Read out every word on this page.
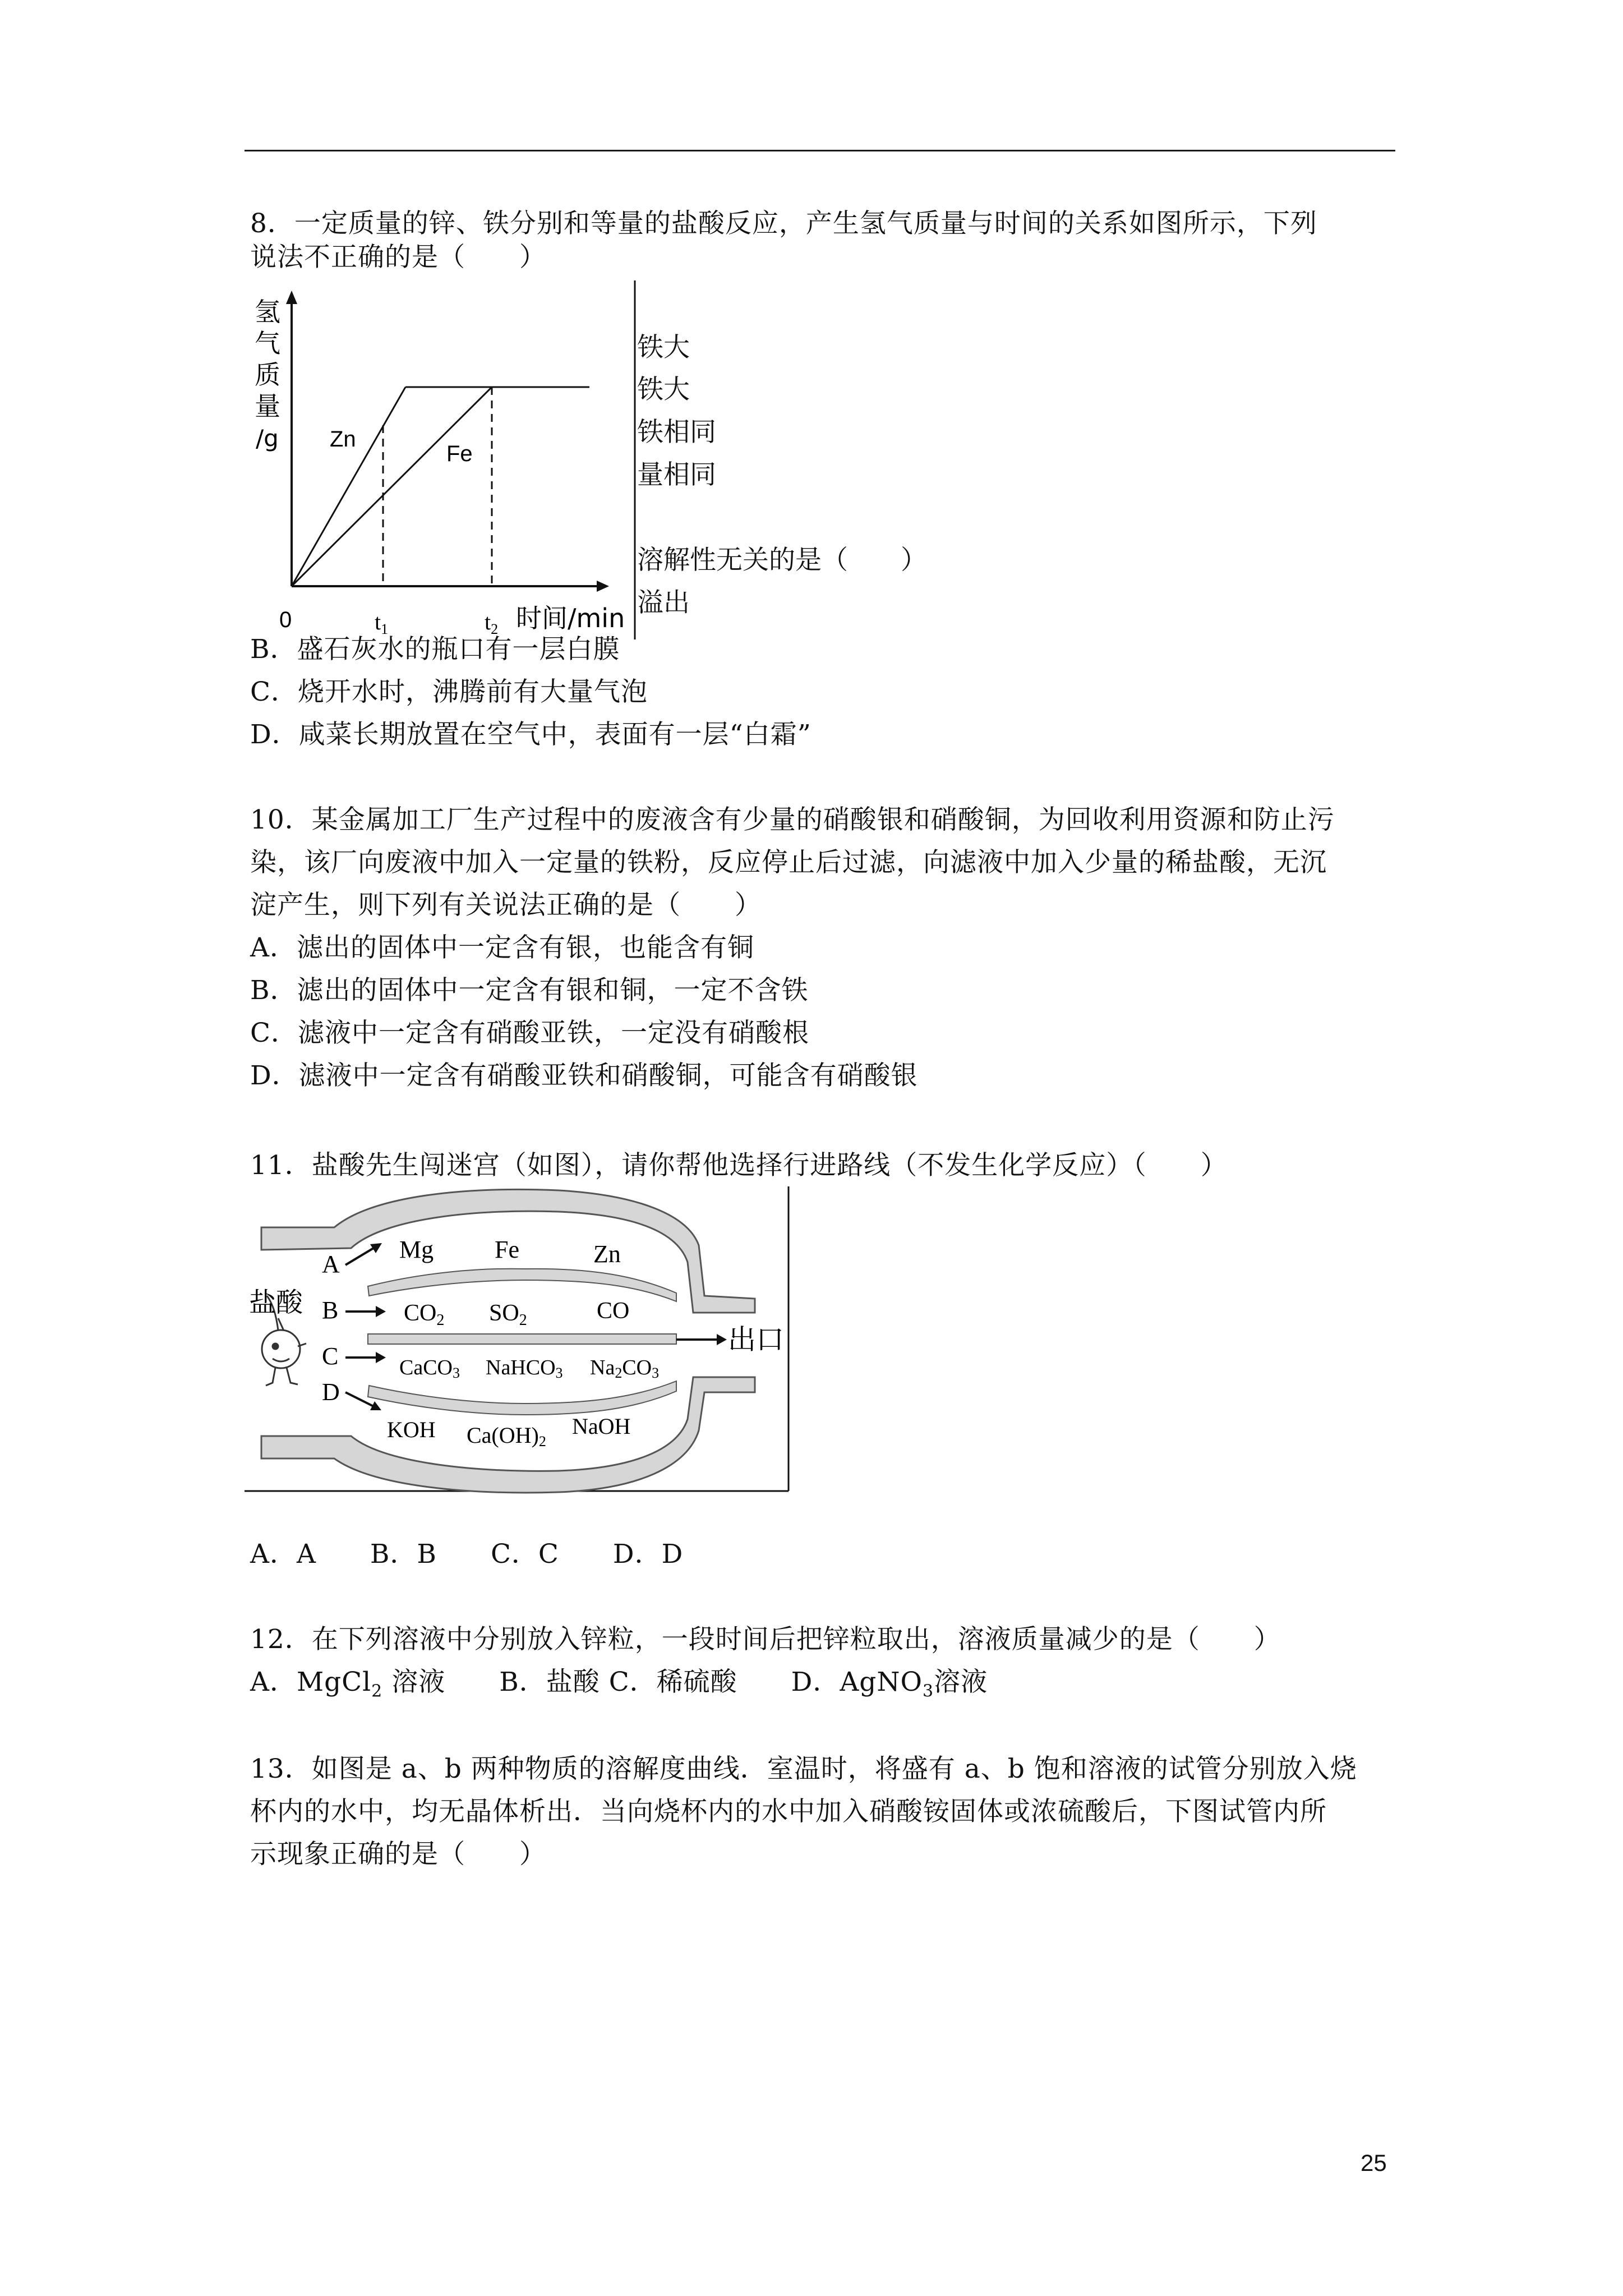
8．一定质量的锌、铁分别和等量的盐酸反应，产生氢气质量与时间的关系如图所示，下列
说法不正确的是（　　）
铁大
铁大
铁相同
量相同
溶解性无关的是（　　）
溢出
氢
气
质
量
/g Zn
Fe
0	$t_1$	$t_2$ 时间/min
B．盛石灰水的瓶口有一层白膜
C．烧开水时，沸腾前有大量气泡
D．咸菜长期放置在空气中，表面有一层“白霜”
10．某金属加工厂生产过程中的废液含有少量的硝酸银和硝酸铜，为回收利用资源和防止污
染，该厂向废液中加入一定量的铁粉，反应停止后过滤，向滤液中加入少量的稀盐酸，无沉
淀产生，则下列有关说法正确的是（　　）
A．滤出的固体中一定含有银，也能含有铜
B．滤出的固体中一定含有银和铜，一定不含铁
C．滤液中一定含有硝酸亚铁，一定没有硝酸根
D．滤液中一定含有硝酸亚铁和硝酸铜，可能含有硝酸银
11．盐酸先生闯迷宫（如图），请你帮他选择行进路线（不发生化学反应）（　　）
盐酸
出口
A
B
C
D
Mg Fe	Zn
CO2 SO2	CO
CaCO3 NaHCO3 Na2CO3
KOH Ca(OH)2
NaOH
A．A　　B．B　　C．C　　D．D
12．在下列溶液中分别放入锌粒，一段时间后把锌粒取出，溶液质量减少的是（　　）
A．MgCl$_2$ 溶液　　B．盐酸 C．稀硫酸　　D．AgNO$_3$溶液
13．如图是 a、b 两种物质的溶解度曲线．室温时，将盛有 a、b 饱和溶液的试管分别放入烧
杯内的水中，均无晶体析出．当向烧杯内的水中加入硝酸铵固体或浓硫酸后，下图试管内所
示现象正确的是（　　）
25
